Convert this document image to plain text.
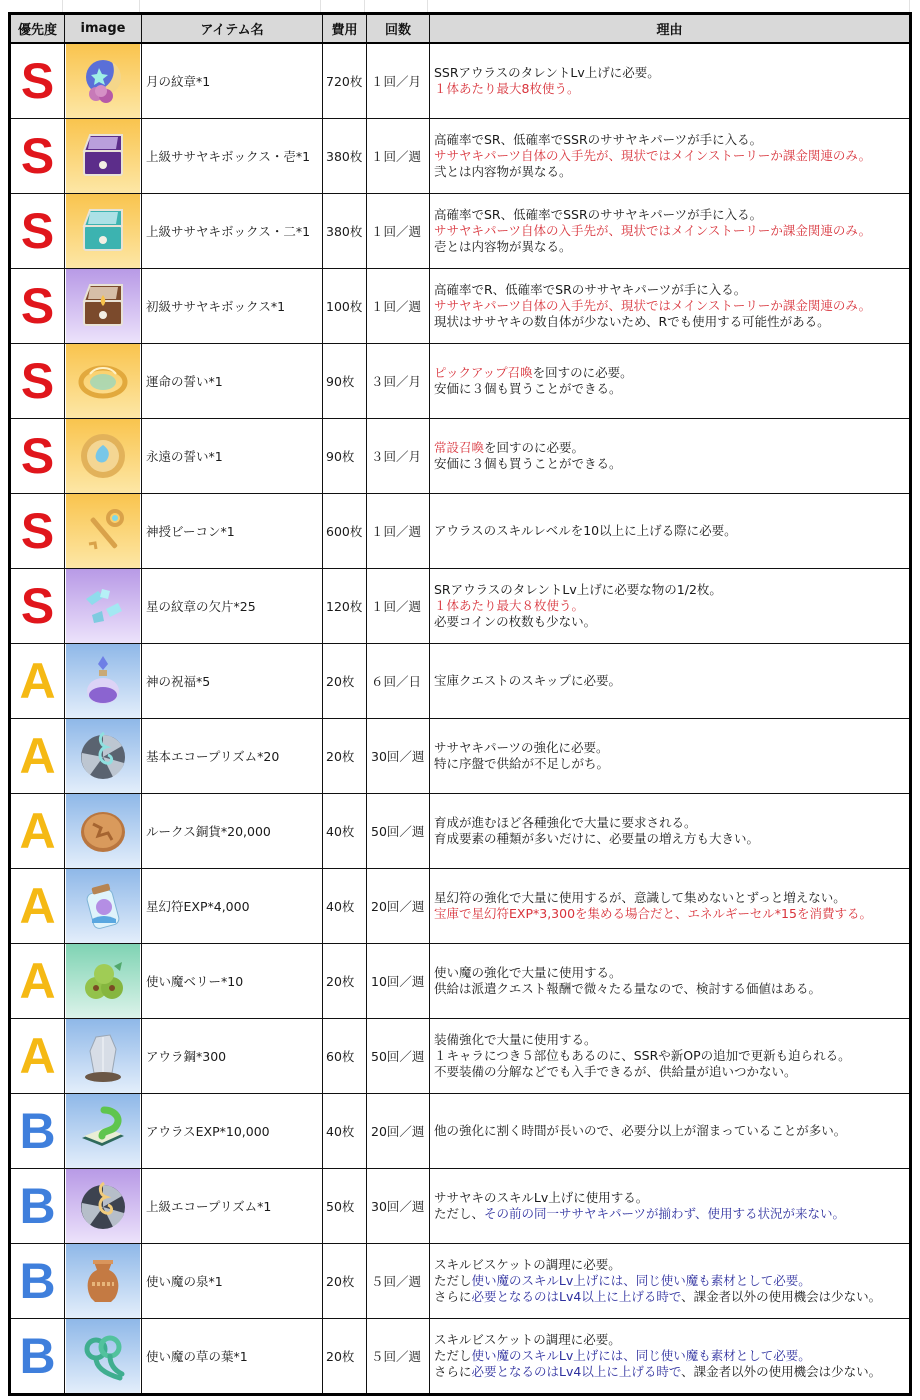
優先度	image	アイテム名	費用	回数	理由
S		月の紋章*1	720枚	１回／月	SSRアウラスのタレントLv上げに必要。
１体あたり最大8枚使う。

S		上級ササヤキボックス・壱*1	380枚	１回／週	高確率でSR、低確率でSSRのササヤキパーツが手に入る。
ササヤキパーツ自体の入手先が、現状ではメインストーリーか課金関連のみ。
弐とは内容物が異なる。

S		上級ササヤキボックス・二*1	380枚	１回／週	高確率でSR、低確率でSSRのササヤキパーツが手に入る。
ササヤキパーツ自体の入手先が、現状ではメインストーリーか課金関連のみ。
壱とは内容物が異なる。

S		初級ササヤキボックス*1	100枚	１回／週	高確率でR、低確率でSRのササヤキパーツが手に入る。
ササヤキパーツ自体の入手先が、現状ではメインストーリーか課金関連のみ。
現状はササヤキの数自体が少ないため、Rでも使用する可能性がある。

S		運命の誓い*1	90枚	３回／月	ピックアップ召喚を回すのに必要。
安価に３個も買うことができる。

S		永遠の誓い*1	90枚	３回／月	常設召喚を回すのに必要。
安価に３個も買うことができる。

S		神授ビーコン*1	600枚	１回／週	アウラスのスキルレベルを10以上に上げる際に必要。

S		星の紋章の欠片*25	120枚	１回／週	SRアウラスのタレントLv上げに必要な物の1/2枚。
１体あたり最大８枚使う。
必要コインの枚数も少ない。

A		神の祝福*5	20枚	６回／日	宝庫クエストのスキップに必要。

A		基本エコープリズム*20	20枚	30回／週	ササヤキパーツの強化に必要。
特に序盤で供給が不足しがち。

A		ルークス銅貨*20,000	40枚	50回／週	育成が進むほど各種強化で大量に要求される。
育成要素の種類が多いだけに、必要量の増え方も大きい。

A		星幻符EXP*4,000	40枚	20回／週	星幻符の強化で大量に使用するが、意識して集めないとずっと増えない。
宝庫で星幻符EXP*3,300を集める場合だと、エネルギーセル*15を消費する。

A		使い魔ベリー*10	20枚	10回／週	使い魔の強化で大量に使用する。
供給は派遣クエスト報酬で微々たる量なので、検討する価値はある。

A		アウラ鋼*300	60枚	50回／週	装備強化で大量に使用する。
１キャラにつき５部位もあるのに、SSRや新OPの追加で更新も迫られる。
不要装備の分解などでも入手できるが、供給量が追いつかない。

B		アウラスEXP*10,000	40枚	20回／週	他の強化に割く時間が長いので、必要分以上が溜まっていることが多い。

B		上級エコープリズム*1	50枚	30回／週	ササヤキのスキルLv上げに使用する。
ただし、その前の同一ササヤキパーツが揃わず、使用する状況が来ない。

B		使い魔の泉*1	20枚	５回／週	スキルビスケットの調理に必要。
ただし使い魔のスキルLv上げには、同じ使い魔も素材として必要。
さらに必要となるのはLv4以上に上げる時で、課金者以外の使用機会は少ない。

B		使い魔の草の葉*1	20枚	５回／週	スキルビスケットの調理に必要。
ただし使い魔のスキルLv上げには、同じ使い魔も素材として必要。
さらに必要となるのはLv4以上に上げる時で、課金者以外の使用機会は少ない。
